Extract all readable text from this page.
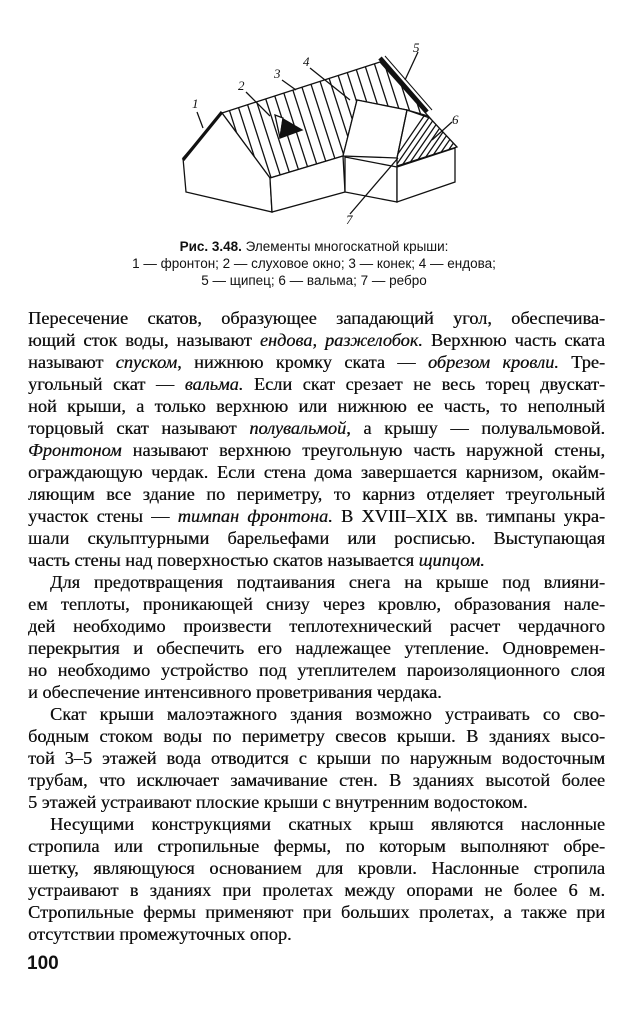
1
2
3
4
5
6
7
Рис. 3.48. Элементы многоскатной крыши:
1 — фронтон; 2 — слуховое окно; 3 — конек; 4 — ендова;
5 — щипец; 6 — вальма; 7 — ребро
Пересечение скатов, образующее западающий угол, обеспечива-
ющий сток воды, называют ендова, разжелобок. Верхнюю часть ската
называют спуском, нижнюю кромку ската — обрезом кровли. Тре-
угольный скат — вальма. Если скат срезает не весь торец двускат-
ной крыши, а только верхнюю или нижнюю ее часть, то неполный
торцовый скат называют полувальмой, а крышу — полувальмовой.
Фронтоном называют верхнюю треугольную часть наружной стены,
ограждающую чердак. Если стена дома завершается карнизом, окайм-
ляющим все здание по периметру, то карниз отделяет треугольный
участок стены — тимпан фронтона. В XVIII–XIX вв. тимпаны укра-
шали скульптурными барельефами или росписью. Выступающая
часть стены над поверхностью скатов называется щипцом.
Для предотвращения подтаивания снега на крыше под влияни-
ем теплоты, проникающей снизу через кровлю, образования нале-
дей необходимо произвести теплотехнический расчет чердачного
перекрытия и обеспечить его надлежащее утепление. Одновремен-
но необходимо устройство под утеплителем пароизоляционного слоя
и обеспечение интенсивного проветривания чердака.
Скат крыши малоэтажного здания возможно устраивать со сво-
бодным стоком воды по периметру свесов крыши. В зданиях высо-
той 3–5 этажей вода отводится с крыши по наружным водосточным
трубам, что исключает замачивание стен. В зданиях высотой более
5 этажей устраивают плоские крыши с внутренним водостоком.
Несущими конструкциями скатных крыш являются наслонные
стропила или стропильные фермы, по которым выполняют обре-
шетку, являющуюся основанием для кровли. Наслонные стропила
устраивают в зданиях при пролетах между опорами не более 6 м.
Стропильные фермы применяют при больших пролетах, а также при
отсутствии промежуточных опор.
100
